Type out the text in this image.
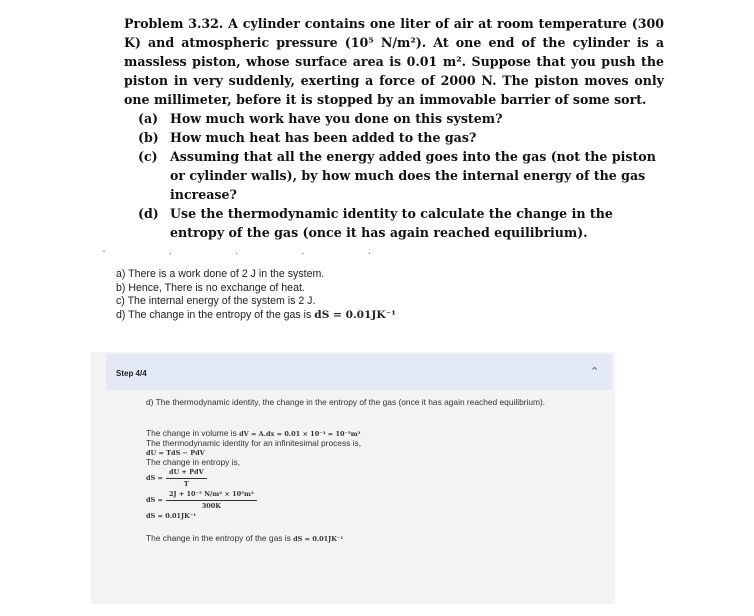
Problem 3.32. A cylinder contains one liter of air at room temperature (300 K) and atmospheric pressure (10⁵ N/m²). At one end of the cylinder is a massless piston, whose surface area is 0.01 m². Suppose that you push the piston in very suddenly, exerting a force of 2000 N. The piston moves only one millimeter, before it is stopped by an immovable barrier of some sort.

(a) How much work have you done on this system?
(b) How much heat has been added to the gas?
(c) Assuming that all the energy added goes into the gas (not the piston or cylinder walls), by how much does the internal energy of the gas increase?
(d) Use the thermodynamic identity to calculate the change in the entropy of the gas (once it has again reached equilibrium).
- . . . .
a) There is a work done of 2 J in the system.
b) Hence, There is no exchange of heat.
c) The internal energy of the system is 2 J.
d) The change in the entropy of the gas is dS = 0.01JK⁻¹
Step 4/4	⌃
d) The thermodynamic identity, the change in the entropy of the gas (once it has again reached equilibrium).
The change in volume is dV = A.dx = 0.01 × 10⁻³ = 10⁻⁵m³
The thermodynamic identity for an infinitesimal process is,
dU = TdS − PdV
The change in entropy is,
dS = $\frac{\text{dU + PdV}}{T}$
dS = $\frac{\text{2J + 10⁻⁵ N/m² × 10⁵m³}}{300K}$
dS = 0.01JK⁻¹
The change in the entropy of the gas is dS = 0.01JK⁻¹
